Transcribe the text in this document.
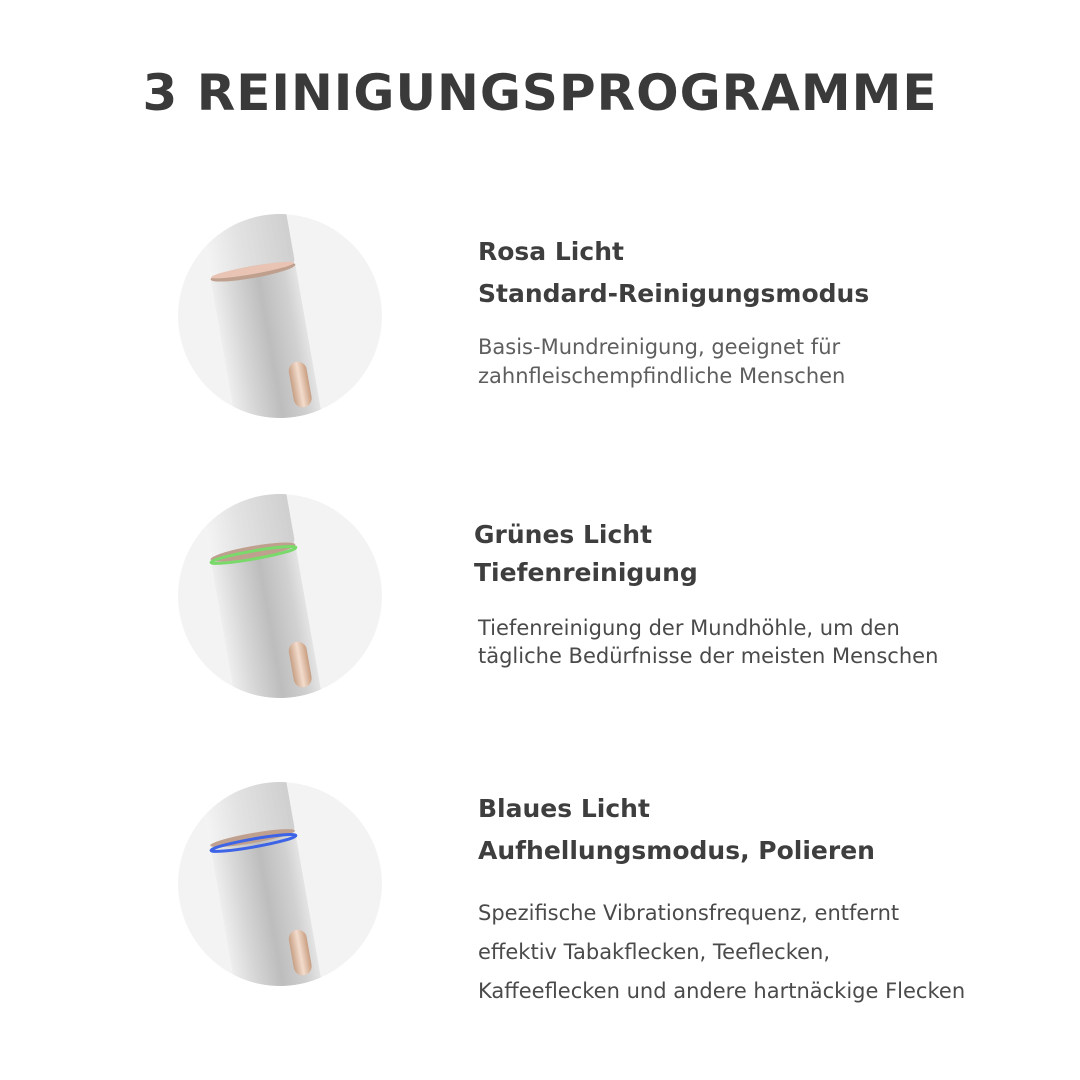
3 REINIGUNGSPROGRAMME
Rosa Licht
Standard-Reinigungsmodus
Basis-Mundreinigung, geeignet für
zahnfleischempfindliche Menschen
Grünes Licht
Tiefenreinigung
Tiefenreinigung der Mundhöhle, um den
tägliche Bedürfnisse der meisten Menschen
Blaues Licht
Aufhellungsmodus, Polieren
Spezifische Vibrationsfrequenz, entfernt
effektiv Tabakflecken, Teeflecken,
Kaffeeflecken und andere hartnäckige Flecken
